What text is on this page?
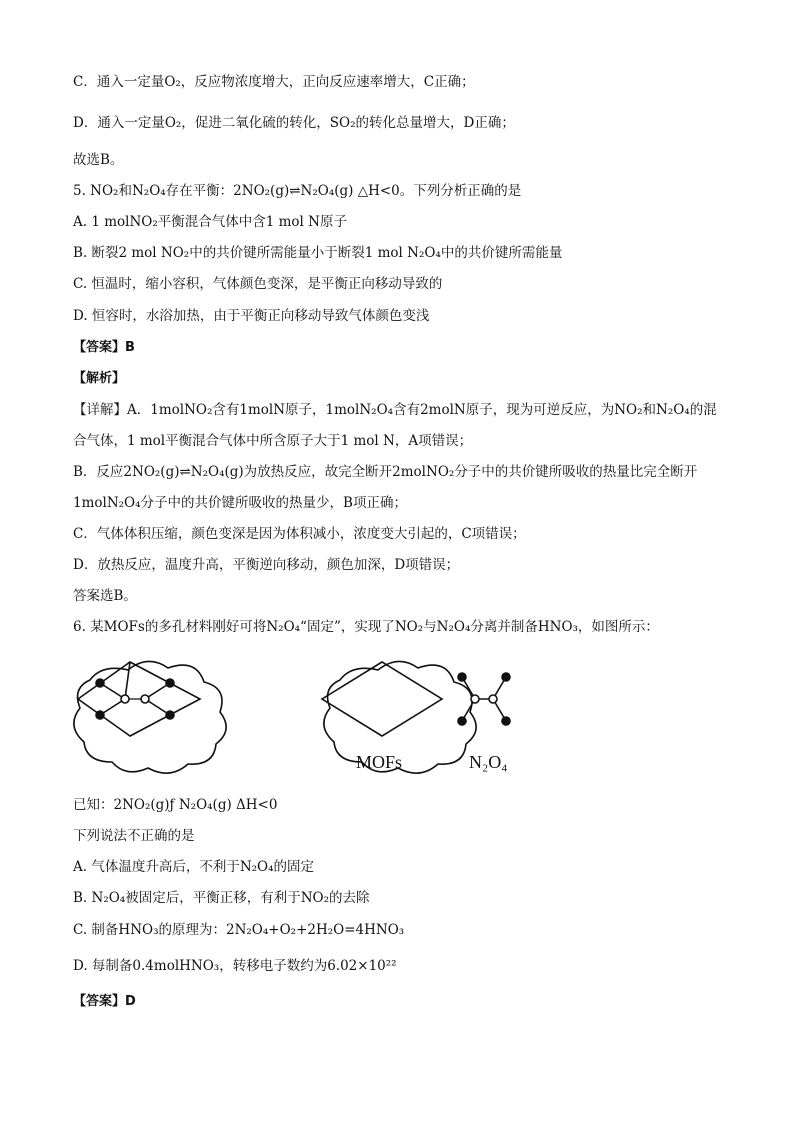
C．通入一定量O₂，反应物浓度增大，正向反应速率增大，C正确；
D．通入一定量O₂，促进二氧化硫的转化，SO₂的转化总量增大，D正确；
故选B。
5. NO₂和N₂O₄存在平衡：2NO₂(g)⇌N₂O₄(g) △H<0。下列分析正确的是
A. 1 molNO₂平衡混合气体中含1 mol N原子
B. 断裂2 mol NO₂中的共价键所需能量小于断裂1 mol N₂O₄中的共价键所需能量
C. 恒温时，缩小容积，气体颜色变深，是平衡正向移动导致的
D. 恒容时，水浴加热，由于平衡正向移动导致气体颜色变浅
【答案】B
【解析】
【详解】A．1molNO₂含有1molN原子，1molN₂O₄含有2molN原子，现为可逆反应，为NO₂和N₂O₄的混
合气体，1 mol平衡混合气体中所含原子大于1 mol N，A项错误；
B．反应2NO₂(g)⇌N₂O₄(g)为放热反应，故完全断开2molNO₂分子中的共价键所吸收的热量比完全断开
1molN₂O₄分子中的共价键所吸收的热量少，B项正确；
C．气体体积压缩，颜色变深是因为体积减小，浓度变大引起的，C项错误；
D．放热反应，温度升高，平衡逆向移动，颜色加深，D项错误；
答案选B。
6. 某MOFs的多孔材料刚好可将N₂O₄“固定”，实现了NO₂与N₂O₄分离并制备HNO₃，如图所示：
MOFs	N₂O₄
已知：2NO₂(g)ƒ N₂O₄(g) ΔH<0
下列说法不正确的是
A. 气体温度升高后，不利于N₂O₄的固定
B. N₂O₄被固定后，平衡正移，有利于NO₂的去除
C. 制备HNO₃的原理为：2N₂O₄+O₂+2H₂O=4HNO₃
D. 每制备0.4molHNO₃，转移电子数约为6.02×10²²
【答案】D
